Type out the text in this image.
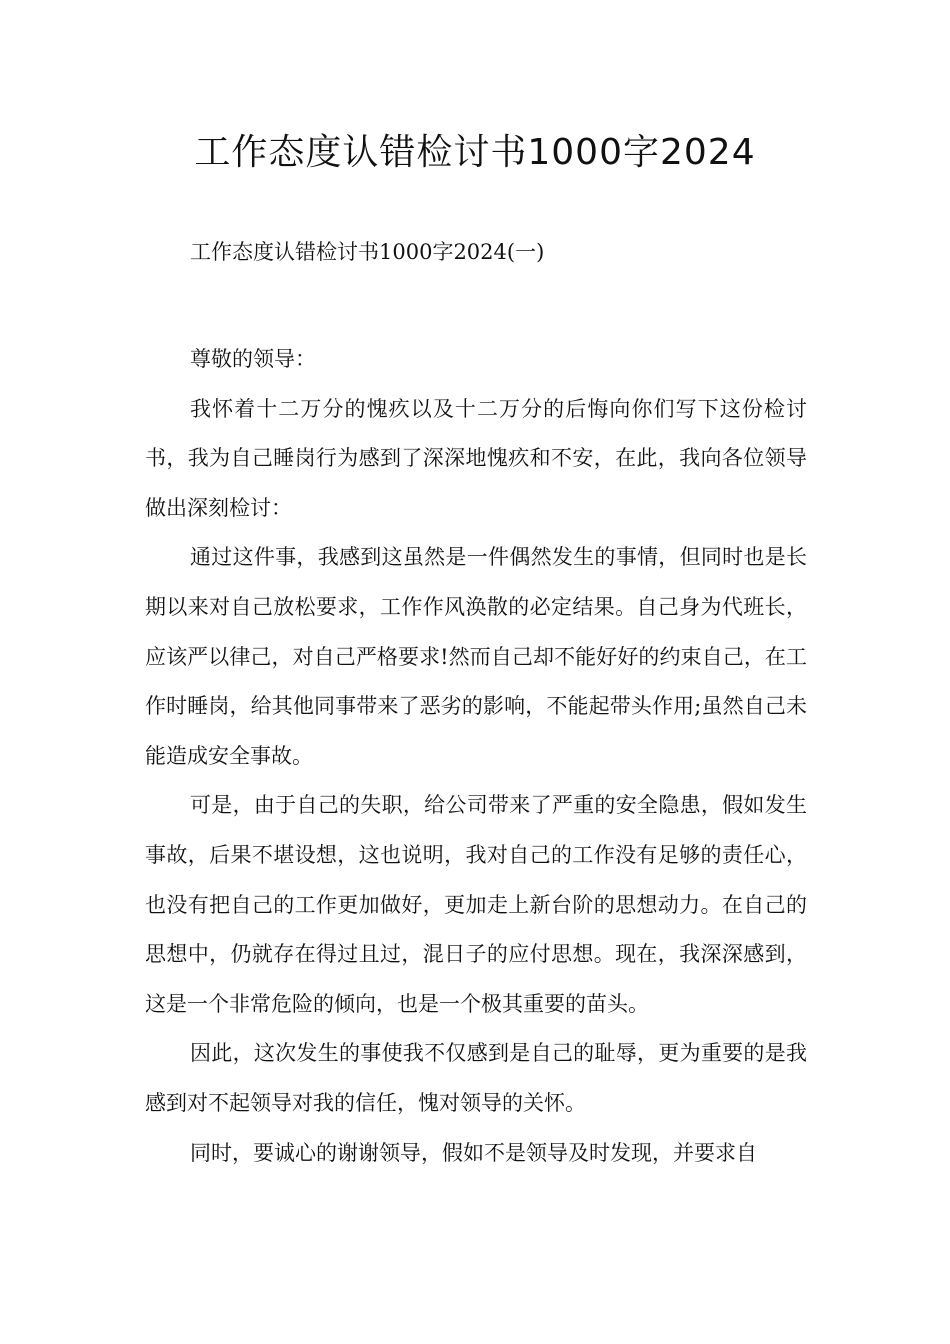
工作态度认错检讨书1000字2024
工作态度认错检讨书1000字2024(一)

尊敬的领导：

我怀着十二万分的愧疚以及十二万分的后悔向你们写下这份检讨书，我为自己睡岗行为感到了深深地愧疚和不安，在此，我向各位领导做出深刻检讨：

通过这件事，我感到这虽然是一件偶然发生的事情，但同时也是长期以来对自己放松要求，工作作风涣散的必定结果。自己身为代班长，应该严以律己，对自己严格要求!然而自己却不能好好的约束自己，在工作时睡岗，给其他同事带来了恶劣的影响，不能起带头作用;虽然自己未能造成安全事故。

可是，由于自己的失职，给公司带来了严重的安全隐患，假如发生事故，后果不堪设想，这也说明，我对自己的工作没有足够的责任心，也没有把自己的工作更加做好，更加走上新台阶的思想动力。在自己的思想中，仍就存在得过且过，混日子的应付思想。现在，我深深感到，这是一个非常危险的倾向，也是一个极其重要的苗头。

因此，这次发生的事使我不仅感到是自己的耻辱，更为重要的是我感到对不起领导对我的信任，愧对领导的关怀。

同时，要诚心的谢谢领导，假如不是领导及时发现，并要求自
